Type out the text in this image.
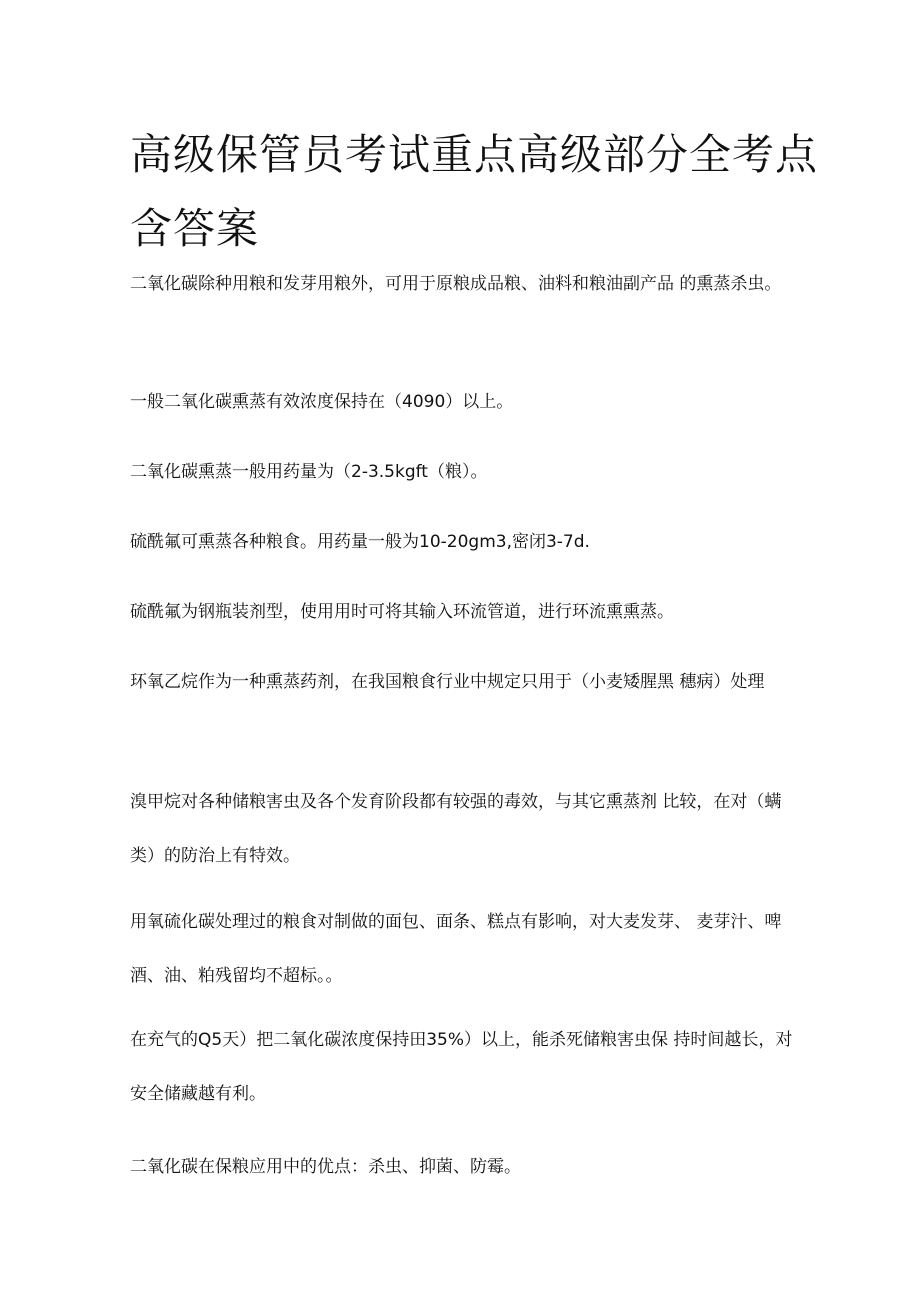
高级保管员考试重点高级部分全考点含答案

二氧化碳除种用粮和发芽用粮外，可用于原粮成品粮、油料和粮油副产品 的熏蒸杀虫。

一般二氧化碳熏蒸有效浓度保持在（4090）以上。

二氧化碳熏蒸一般用药量为（2-3.5kgft（粮）。

硫酰氟可熏蒸各种粮食。用药量一般为10-20gm3,密闭3-7d.

硫酰氟为钢瓶装剂型，使用用时可将其输入环流管道，进行环流熏熏蒸。

环氧乙烷作为一种熏蒸药剂，在我国粮食行业中规定只用于（小麦矮腥黑 穗病）处理

溴甲烷对各种储粮害虫及各个发育阶段都有较强的毒效，与其它熏蒸剂 比较，在对（螨类）的防治上有特效。

用氧硫化碳处理过的粮食对制做的面包、面条、糕点有影响，对大麦发芽、 麦芽汁、啤酒、油、粕残留均不超标。。

在充气的Q5天）把二氧化碳浓度保持田35%）以上，能杀死储粮害虫保 持时间越长，对安全储藏越有利。

二氧化碳在保粮应用中的优点：杀虫、抑菌、防霉。
